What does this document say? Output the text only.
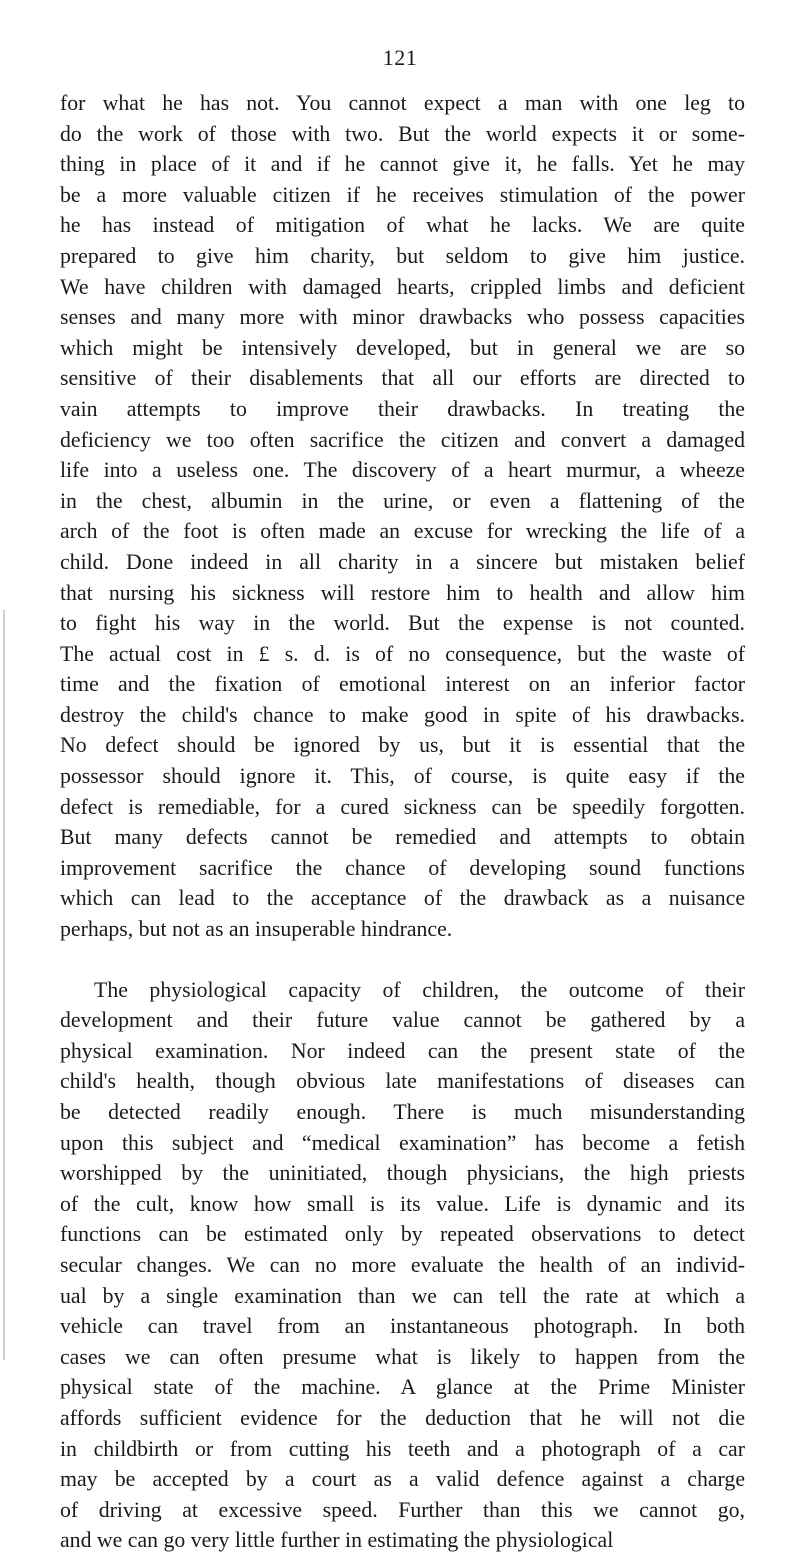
121
for what he has not. You cannot expect a man with one leg to
do the work of those with two. But the world expects it or some-
thing in place of it and if he cannot give it, he falls. Yet he may
be a more valuable citizen if he receives stimulation of the power
he has instead of mitigation of what he lacks. We are quite
prepared to give him charity, but seldom to give him justice.
We have children with damaged hearts, crippled limbs and deficient
senses and many more with minor drawbacks who possess capacities
which might be intensively developed, but in general we are so
sensitive of their disablements that all our efforts are directed to
vain attempts to improve their drawbacks. In treating the
deficiency we too often sacrifice the citizen and convert a damaged
life into a useless one. The discovery of a heart murmur, a wheeze
in the chest, albumin in the urine, or even a flattening of the
arch of the foot is often made an excuse for wrecking the life of a
child. Done indeed in all charity in a sincere but mistaken belief
that nursing his sickness will restore him to health and allow him
to fight his way in the world. But the expense is not counted.
The actual cost in £ s. d. is of no consequence, but the waste of
time and the fixation of emotional interest on an inferior factor
destroy the child's chance to make good in spite of his drawbacks.
No defect should be ignored by us, but it is essential that the
possessor should ignore it. This, of course, is quite easy if the
defect is remediable, for a cured sickness can be speedily forgotten.
But many defects cannot be remedied and attempts to obtain
improvement sacrifice the chance of developing sound functions
which can lead to the acceptance of the drawback as a nuisance
perhaps, but not as an insuperable hindrance.
The physiological capacity of children, the outcome of their
development and their future value cannot be gathered by a
physical examination. Nor indeed can the present state of the
child's health, though obvious late manifestations of diseases can
be detected readily enough. There is much misunderstanding
upon this subject and “medical examination” has become a fetish
worshipped by the uninitiated, though physicians, the high priests
of the cult, know how small is its value. Life is dynamic and its
functions can be estimated only by repeated observations to detect
secular changes. We can no more evaluate the health of an individ-
ual by a single examination than we can tell the rate at which a
vehicle can travel from an instantaneous photograph. In both
cases we can often presume what is likely to happen from the
physical state of the machine. A glance at the Prime Minister
affords sufficient evidence for the deduction that he will not die
in childbirth or from cutting his teeth and a photograph of a car
may be accepted by a court as a valid defence against a charge
of driving at excessive speed. Further than this we cannot go,
and we can go very little further in estimating the physiological
